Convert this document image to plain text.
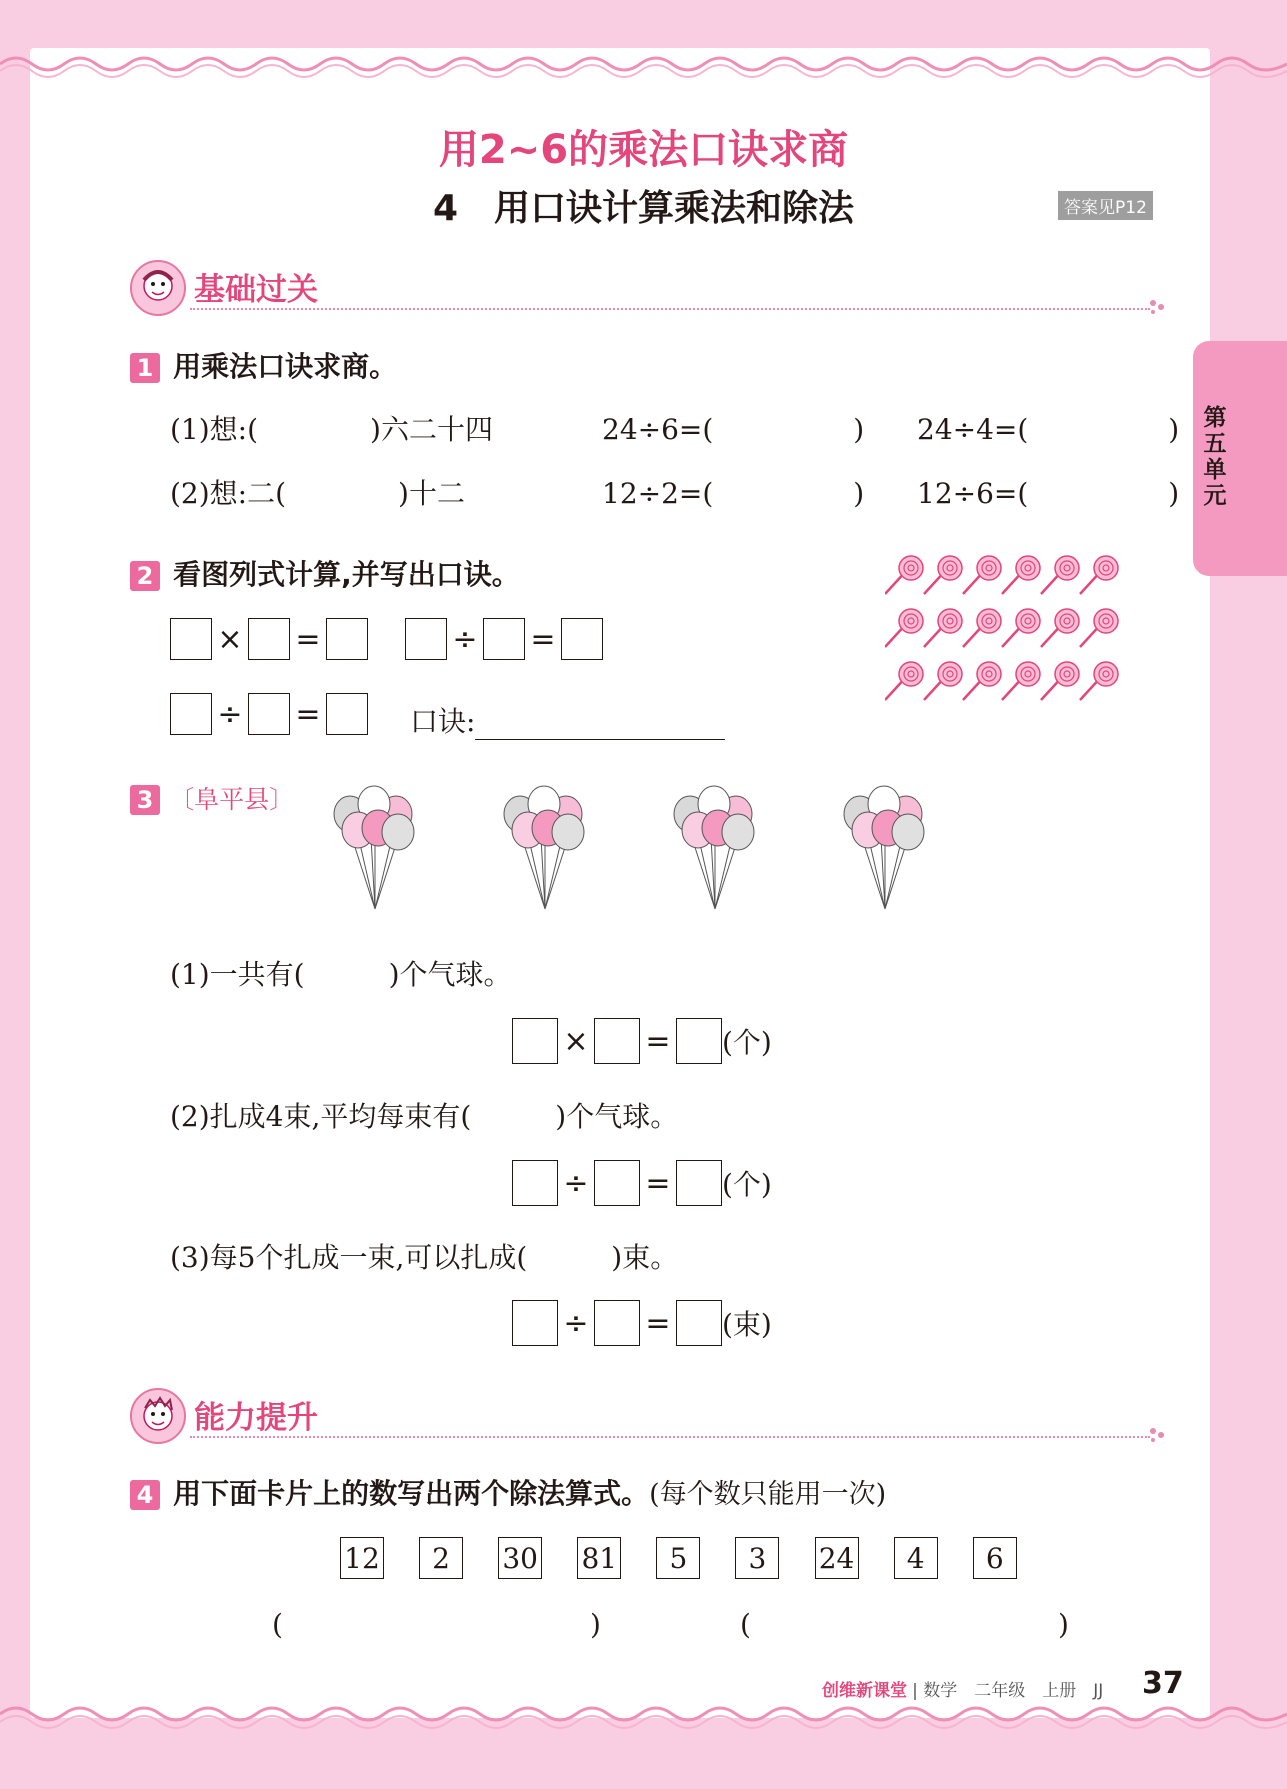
用2~6的乘法口诀求商
4　用口诀计算乘法和除法	答案见P12
第五单元
基础过关
1 用乘法口诀求商。
(1)想:(　　　　)六二十四	24÷6=(　　　　　) 24÷4=(　　　　　)
(2)想:二(　　　　)十二	12÷2=(　　　　　) 12÷6=(　　　　　)
2 看图列式计算,并写出口诀。
× =	÷ =
÷ =	口诀:
3 〔阜平县〕
(1)一共有(　　　)个气球。
× = (个)
(2)扎成4束,平均每束有(　　　)个气球。
÷ = (个)
(3)每5个扎成一束,可以扎成(　　　)束。
÷ = (束)
能力提升
4 用下面卡片上的数写出两个除法算式。(每个数只能用一次)
12 2 30 81 5 3 24 4 6
(	)	(	)
创维新课堂 | 数学　二年级　上册　JJ 37
